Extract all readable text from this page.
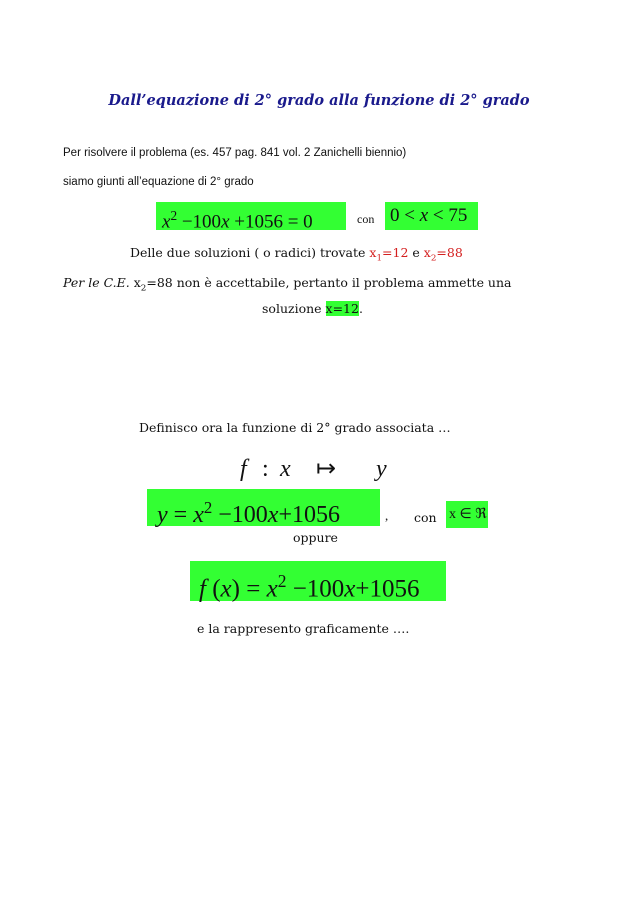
Dall’equazione di 2° grado alla funzione di 2° grado
Per risolvere il problema (es. 457 pag. 841 vol. 2 Zanichelli biennio)
siamo giunti all’equazione di 2° grado
$x^2 -100x +1056 = 0$	con 0 < x < 75
Delle due soluzioni ( o radici) trovate $x_1=12$ e $x_2=88$
Per le C.E. $x_2=88$ non è accettabile, pertanto il problema ammette una
soluzione x=12.
Definisco ora la funzione di 2° grado associata …
f : x ↦ y
$y = x^2 -100x+1056$	, con x ∈ ℜ
oppure
f $(x) = x^2 -100x+1056$
e la rappresento graficamente ….
